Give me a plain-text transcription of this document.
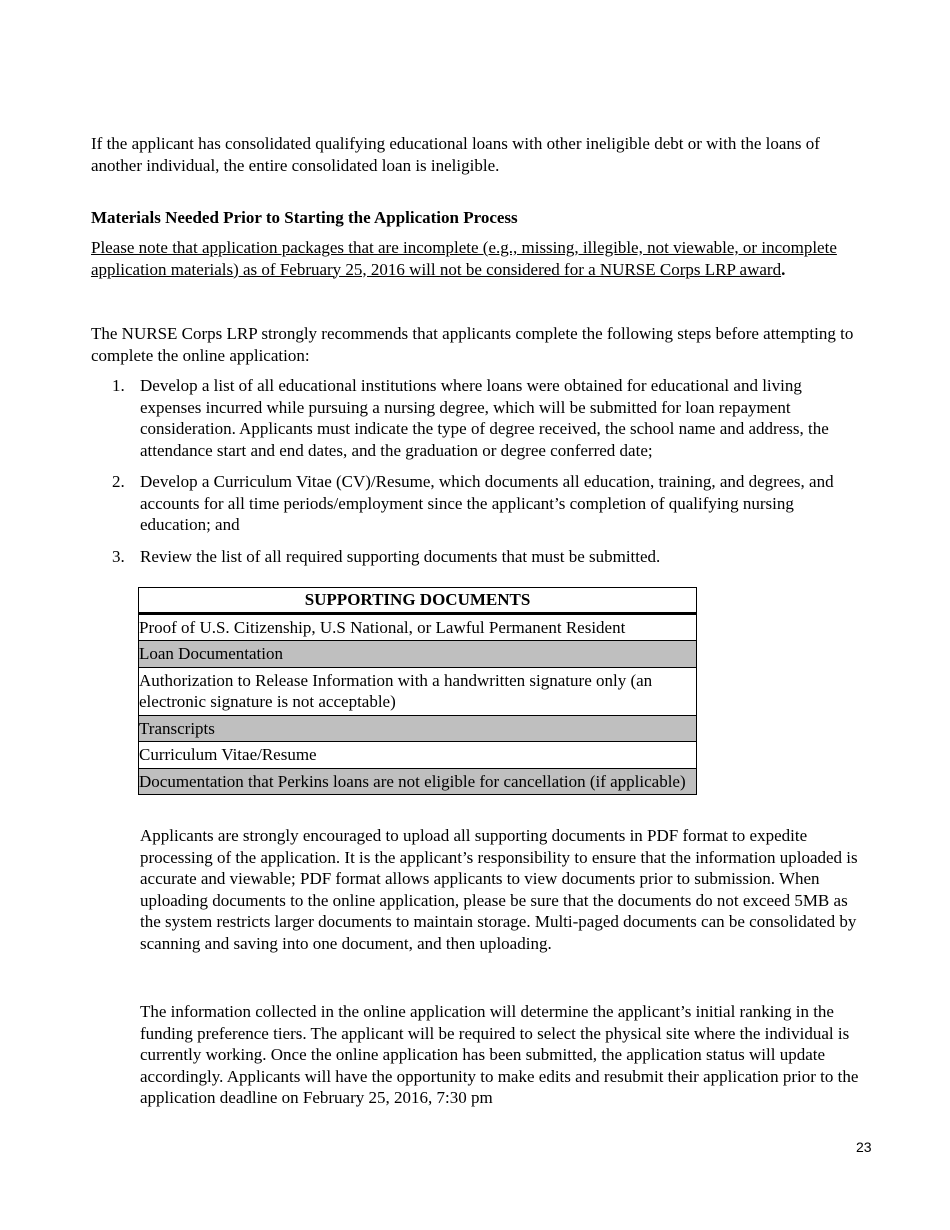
If the applicant has consolidated qualifying educational loans with other ineligible debt or with the loans of another individual, the entire consolidated loan is ineligible.

Materials Needed Prior to Starting the Application Process

Please note that application packages that are incomplete (e.g., missing, illegible, not viewable, or incomplete application materials) as of February 25, 2016 will not be considered for a NURSE Corps LRP award.

The NURSE Corps LRP strongly recommends that applicants complete the following steps before attempting to complete the online application:

1. Develop a list of all educational institutions where loans were obtained for educational and living expenses incurred while pursuing a nursing degree, which will be submitted for loan repayment consideration. Applicants must indicate the type of degree received, the school name and address, the attendance start and end dates, and the graduation or degree conferred date;
2. Develop a Curriculum Vitae (CV)/Resume, which documents all education, training, and degrees, and accounts for all time periods/employment since the applicant’s completion of qualifying nursing education; and
3. Review the list of all required supporting documents that must be submitted.
SUPPORTING DOCUMENTS
Proof of U.S. Citizenship, U.S National, or Lawful Permanent Resident
Loan Documentation
Authorization to Release Information with a handwritten signature only (an electronic signature is not acceptable)
Transcripts
Curriculum Vitae/Resume
Documentation that Perkins loans are not eligible for cancellation (if applicable)

Applicants are strongly encouraged to upload all supporting documents in PDF format to expedite processing of the application. It is the applicant’s responsibility to ensure that the information uploaded is accurate and viewable; PDF format allows applicants to view documents prior to submission. When uploading documents to the online application, please be sure that the documents do not exceed 5MB as the system restricts larger documents to maintain storage. Multi-paged documents can be consolidated by scanning and saving into one document, and then uploading.

The information collected in the online application will determine the applicant’s initial ranking in the funding preference tiers. The applicant will be required to select the physical site where the individual is currently working. Once the online application has been submitted, the application status will update accordingly. Applicants will have the opportunity to make edits and resubmit their application prior to the application deadline on February 25, 2016, 7:30 pm

23
